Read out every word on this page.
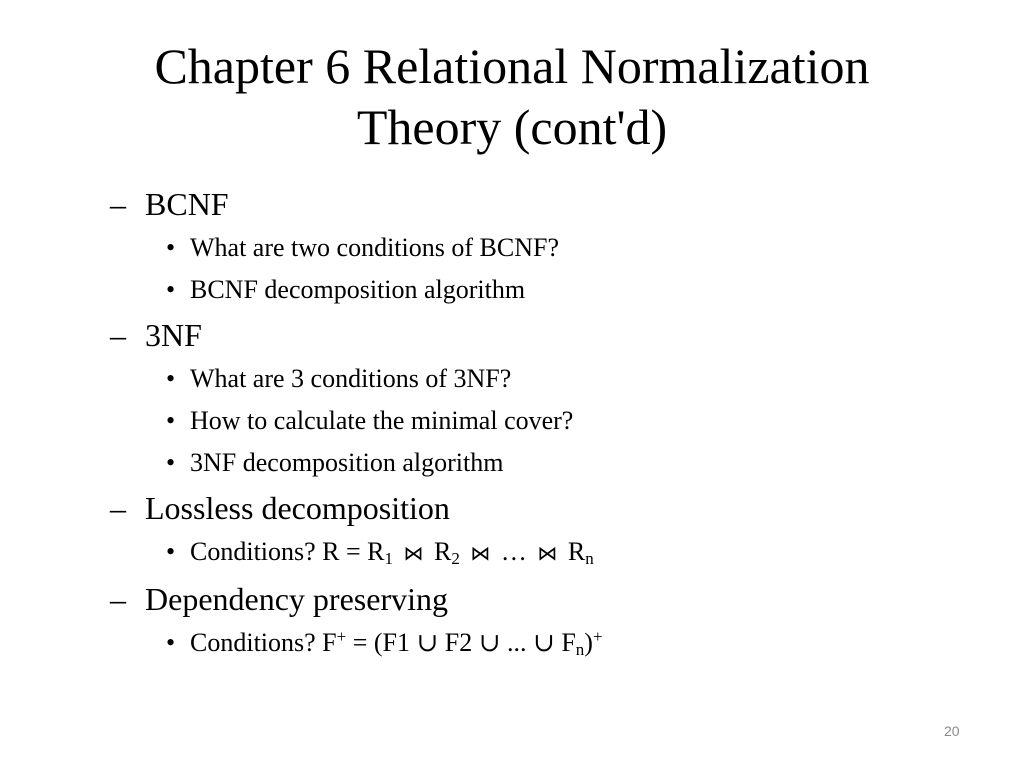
Chapter 6 Relational Normalization
Theory (cont'd)
– BCNF
• What are two conditions of BCNF?
• BCNF decomposition algorithm
– 3NF
• What are 3 conditions of 3NF?
• How to calculate the minimal cover?
• 3NF decomposition algorithm
– Lossless decomposition
• Conditions? $R = R_1$ ⋈ $R_2$ ⋈ … ⋈ $R_n$
– Dependency preserving
• Conditions? F+ = (F1 ∪ F2 ∪ ... ∪ $F_n)^+$
20
